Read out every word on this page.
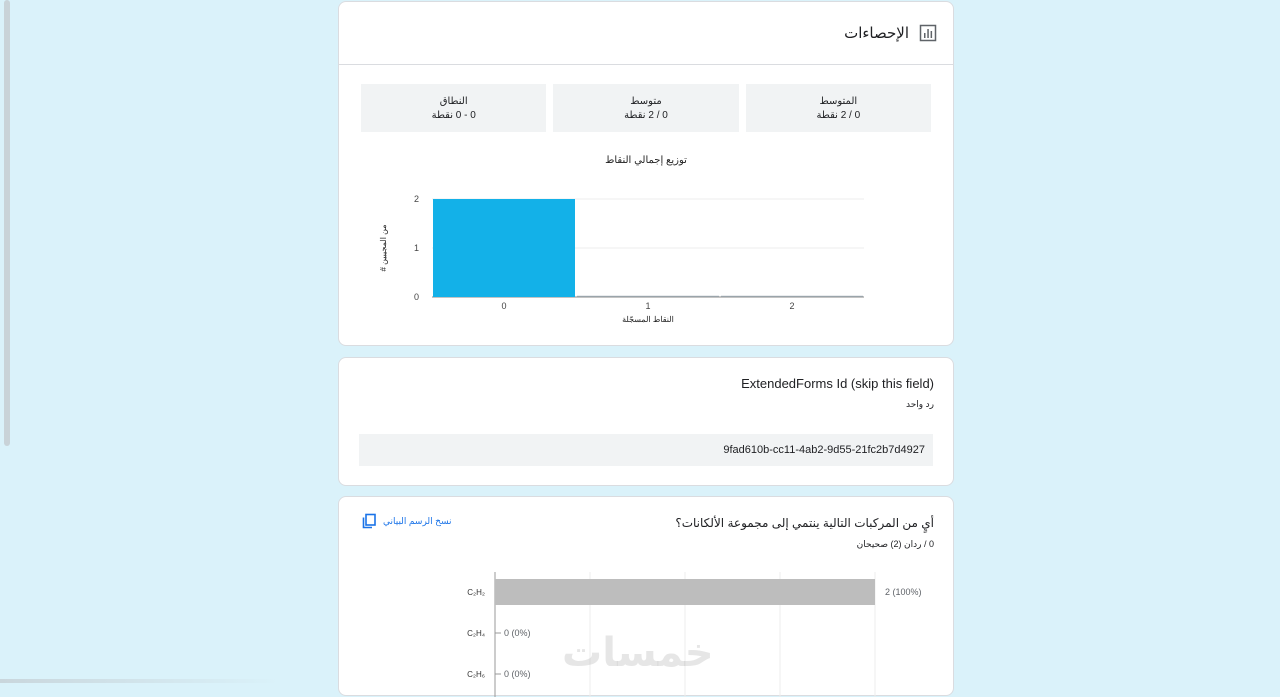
الإحصاءات
المتوسط
0 / 2 نقطة
متوسط
0 / 2 نقطة
النطاق
0 - 0 نقطة
توزيع إجمالي النقاط
0
1
2
0	1	2
النقاط المسجّلة
# من المجيبين
ExtendedForms Id (skip this field)
رد واحد
9fad610b-cc11-4ab2-9d55-21fc2b7d4927
أيٍ من المركبات التالية ينتمي إلى مجموعة الألكانات؟
0 / ردان (2) صحيحان
نسخ الرسم البياني
C₂H₂	2 (100%)
C₂H₄ 0 (0%)
C₂H₆ 0 (0%) خمسات
